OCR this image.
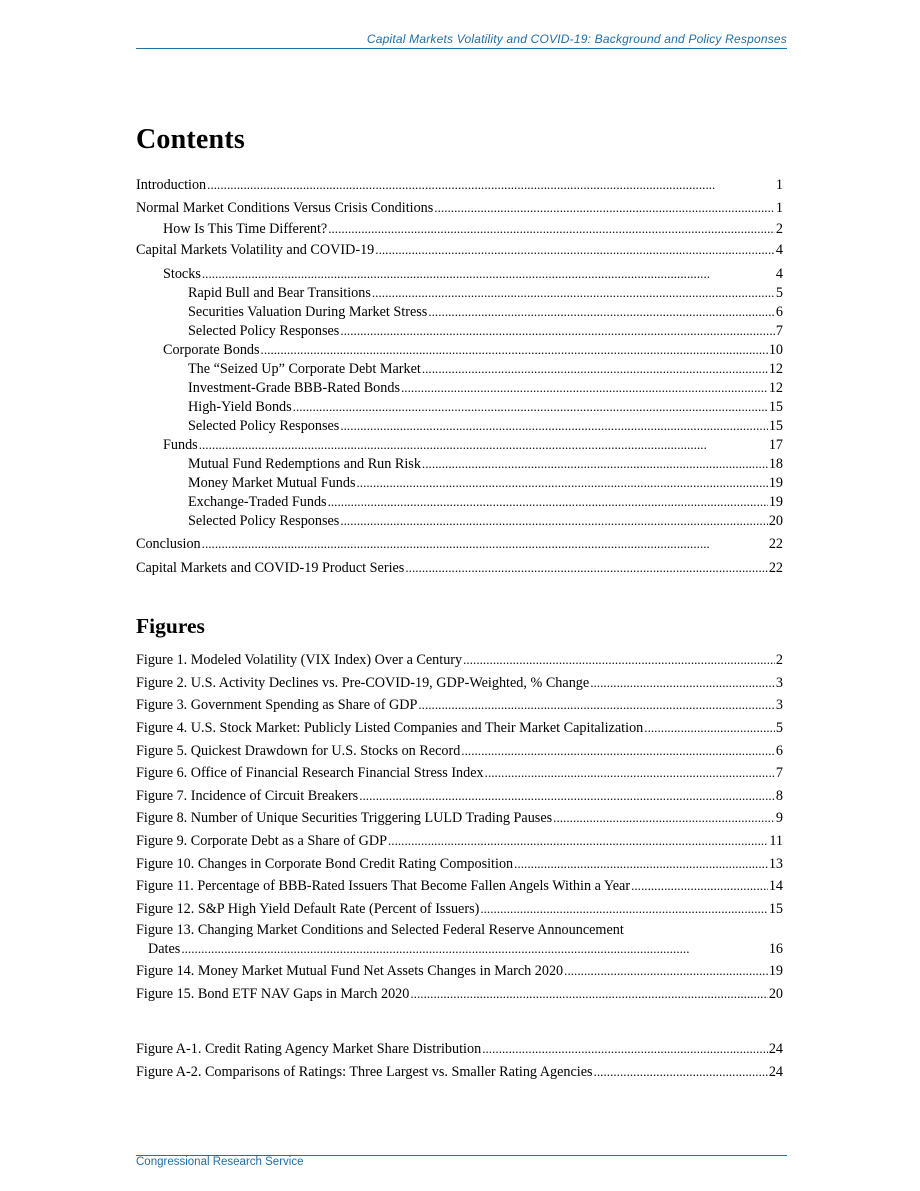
Capital Markets Volatility and COVID-19: Background and Policy Responses
Contents
Introduction . . .	1
Normal Market Conditions Versus Crisis Conditions . . .	1
How Is This Time Different? . . .	2
Capital Markets Volatility and COVID-19 . . .	4
Stocks . . .	4
Rapid Bull and Bear Transitions . . .	5
Securities Valuation During Market Stress . . .	6
Selected Policy Responses . . .	7
Corporate Bonds . . .	10
The “Seized Up” Corporate Debt Market . . .	12
Investment-Grade BBB-Rated Bonds . . .	12
High-Yield Bonds . . .	15
Selected Policy Responses . . .	15
Funds . . .	17
Mutual Fund Redemptions and Run Risk . . .	18
Money Market Mutual Funds . . .	19
Exchange-Traded Funds . . .	19
Selected Policy Responses . . .	20
Conclusion . . .	22
Capital Markets and COVID-19 Product Series . . .	22
Figures
Figure 1. Modeled Volatility (VIX Index) Over a Century . . .	2
Figure 2. U.S. Activity Declines vs. Pre-COVID-19, GDP-Weighted, % Change . . .	3
Figure 3. Government Spending as Share of GDP . . .	3
Figure 4. U.S. Stock Market: Publicly Listed Companies and Their Market Capitalization . . .	5
Figure 5. Quickest Drawdown for U.S. Stocks on Record . . .	6
Figure 6. Office of Financial Research Financial Stress Index . . .	7
Figure 7. Incidence of Circuit Breakers . . .	8
Figure 8. Number of Unique Securities Triggering LULD Trading Pauses . . .	9
Figure 9. Corporate Debt as a Share of GDP . . .	11
Figure 10. Changes in Corporate Bond Credit Rating Composition . . .	13
Figure 11. Percentage of BBB-Rated Issuers That Become Fallen Angels Within a Year . . .	14
Figure 12. S&P High Yield Default Rate (Percent of Issuers) . . .	15
Figure 13. Changing Market Conditions and Selected Federal Reserve Announcement
Dates . . .	16
Figure 14. Money Market Mutual Fund Net Assets Changes in March 2020 . . .	19
Figure 15. Bond ETF NAV Gaps in March 2020 . . .	20
Figure A-1. Credit Rating Agency Market Share Distribution . . .	24
Figure A-2. Comparisons of Ratings: Three Largest vs. Smaller Rating Agencies . . .	24
Congressional Research Service
